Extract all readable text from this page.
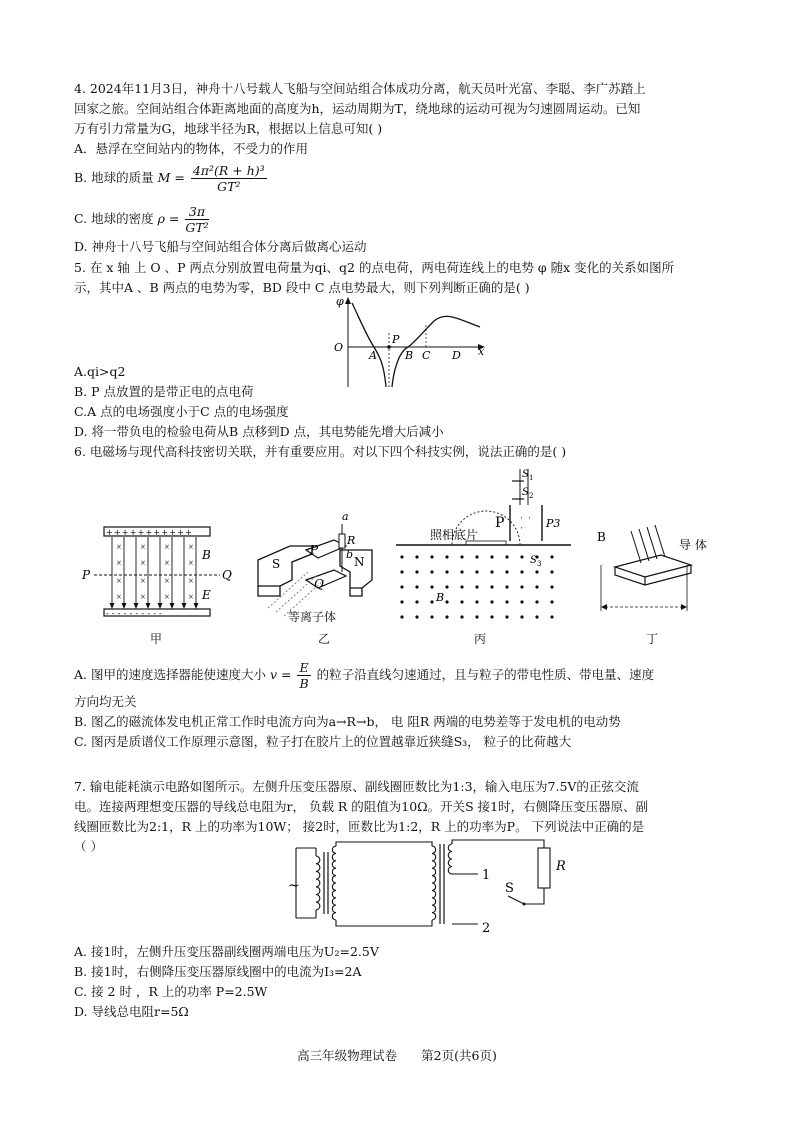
4. 2024年11月3日，神舟十八号载人飞船与空间站组合体成功分离，航天员叶光富、李聪、李广苏踏上
回家之旅。空间站组合体距离地面的高度为h，运动周期为T，绕地球的运动可视为匀速圆周运动。已知
万有引力常量为G，地球半径为R，根据以上信息可知( )
A．悬浮在空间站内的物体，不受力的作用
B. 地球的质量 $M = \frac{\text{4π²(R + h)³}}{\text{GT²}}$
C. 地球的密度 $\rho = \frac{3\pi}{\text{GT²}}$
D. 神舟十八号飞船与空间站组合体分离后做离心运动
5. 在 x 轴 上 O 、P 两点分别放置电荷量为qi、q2 的点电荷，两电荷连线上的电势 φ 随x 变化的关系如图所
示，其中A 、B 两点的电势为零，BD 段中 C 点电势最大，则下列判断正确的是( )
φ
O
A
P
B C D x
A.qi>q2
B. P 点放置的是带正电的点电荷
C.A 点的电场强度小于C 点的电场强度
D. 将一带负电的检验电荷从B 点移到D 点，其电势能先增大后减小
6. 电磁场与现代高科技密切关联，并有重要应用。对以下四个科技实例，说法正确的是( )
+++++++++++
----------
×	×	×	×
×	×	×	×
×	×	×	×
×	×	×	×
P	Q
B
E
甲
a
R
b
S
P
N
Q
等离子体
乙
⋅
⋅
⋅
S 1
S 2
S 3
P	P3
照相底片
B
丙
B
导 体
丁
A. 图甲的速度选择器能使速度大小 $v = \frac{E}{B}$ 的粒子沿直线匀速通过，且与粒子的带电性质、带电量、速度
方向均无关
B. 图乙的磁流体发电机正常工作时电流方向为a→R→b， 电 阻R 两端的电势差等于发电机的电动势
C. 图丙是质谱仪工作原理示意图，粒子打在胶片上的位置越靠近狭缝S₃， 粒子的比荷越大
7. 输电能耗演示电路如图所示。左侧升压变压器原、副线圈匝数比为1:3，输入电压为7.5V的正弦交流
电。连接两理想变压器的导线总电阻为r， 负载 R 的阻值为10Ω。开关S 接1时，右侧降压变压器原、副
线圈匝数比为2:1，R 上的功率为10W； 接2时，匝数比为1:2，R 上的功率为P。 下列说法中正确的是
（ ）
~
1
2
S
R
A. 接1时，左侧升压变压器副线圈两端电压为U₂=2.5V
B. 接1时，右侧降压变压器原线圈中的电流为I₃=2A
C. 接 2 时 ，R 上的功率 P=2.5W
D. 导线总电阻r=5Ω
高三年级物理试卷 第2页(共6页)
